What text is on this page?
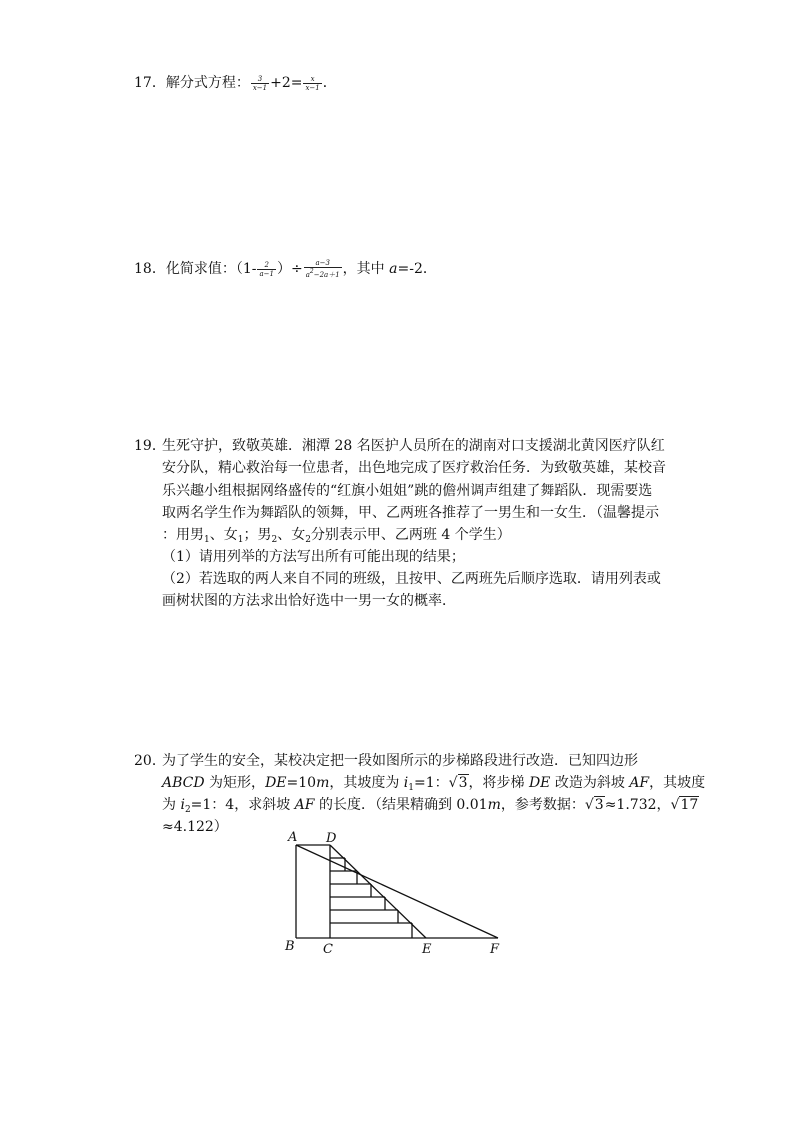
17．解分式方程： $\frac{3}{x-1} +2= \frac{x}{x-1}$ ．
18．化简求值：（$1- \frac{2}{a-1}$ ）÷ $\frac{a-3}{a^2-2a+1}$ ，其中 a=-2．
19．
生死守护，致敬英雄．湘潭 28 名医护人员所在的湖南对口支援湖北黄冈医疗队红
安分队，精心救治每一位患者，出色地完成了医疗救治任务．为致敬英雄，某校音
乐兴趣小组根据网络盛传的“红旗小姐姐”跳的儋州调声组建了舞蹈队．现需要选
取两名学生作为舞蹈队的领舞，甲、乙两班各推荐了一男生和一女生．（温馨提示
：用男$_1$、女$_1$；男$_2$、女$_2$分别表示甲、乙两班 4 个学生）
（1）请用列举的方法写出所有可能出现的结果；
（2）若选取的两人来自不同的班级，且按甲、乙两班先后顺序选取．请用列表或
画树状图的方法求出恰好选中一男一女的概率．
20．
为了学生的安全，某校决定把一段如图所示的步梯路段进行改造．已知四边形
ABCD 为矩形，DE=10m，其坡度为 $i_1=1$：√3，将步梯 DE 改造为斜坡 AF，其坡度
为 $i_2=1$：4，求斜坡 AF 的长度．（结果精确到 0.01m，参考数据：√3≈1.732，√17
≈4.122）
A D
B C	E	F
